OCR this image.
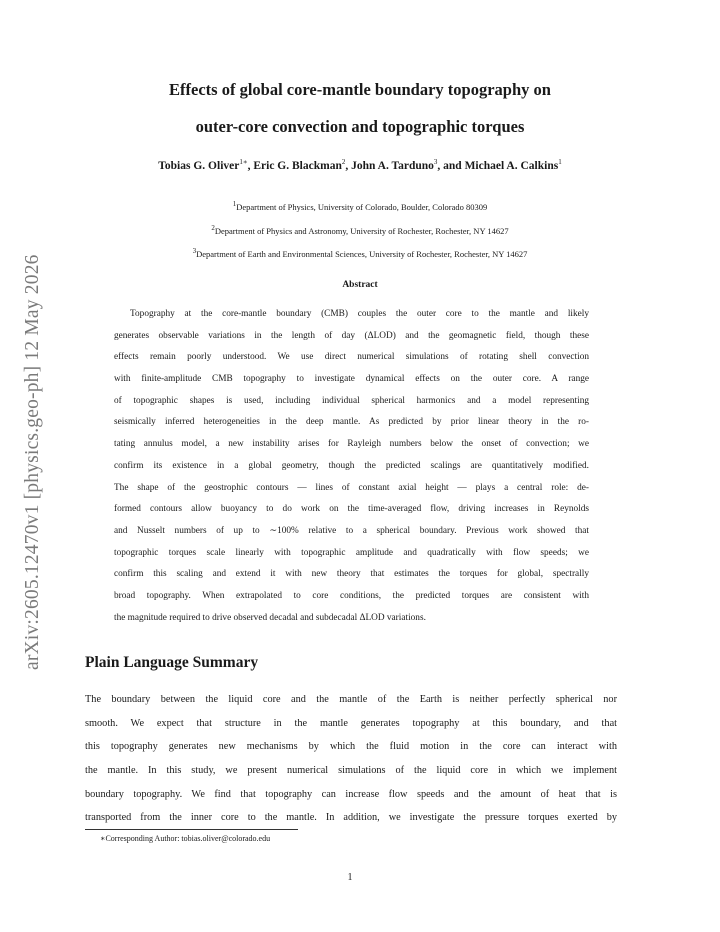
arXiv:2605.12470v1 [physics.geo-ph] 12 May 2026
Effects of global core-mantle boundary topography on
outer-core convection and topographic torques
Tobias G. Oliver$^{1∗}$, Eric G. Blackman$^2$, John A. Tarduno$^3$, and Michael A. Calkins$^1$
$^1$Department of Physics, University of Colorado, Boulder, Colorado 80309
$^2$Department of Physics and Astronomy, University of Rochester, Rochester, NY 14627
$^3$Department of Earth and Environmental Sciences, University of Rochester, Rochester, NY 14627
Abstract
Topography at the core-mantle boundary (CMB) couples the outer core to the mantle and likely
generates observable variations in the length of day (ΔLOD) and the geomagnetic field, though these
effects remain poorly understood. We use direct numerical simulations of rotating shell convection
with finite-amplitude CMB topography to investigate dynamical effects on the outer core. A range
of topographic shapes is used, including individual spherical harmonics and a model representing
seismically inferred heterogeneities in the deep mantle. As predicted by prior linear theory in the ro-
tating annulus model, a new instability arises for Rayleigh numbers below the onset of convection; we
confirm its existence in a global geometry, though the predicted scalings are quantitatively modified.
The shape of the geostrophic contours — lines of constant axial height — plays a central role: de-
formed contours allow buoyancy to do work on the time-averaged flow, driving increases in Reynolds
and Nusselt numbers of up to ∼100% relative to a spherical boundary. Previous work showed that
topographic torques scale linearly with topographic amplitude and quadratically with flow speeds; we
confirm this scaling and extend it with new theory that estimates the torques for global, spectrally
broad topography. When extrapolated to core conditions, the predicted torques are consistent with
the magnitude required to drive observed decadal and subdecadal ΔLOD variations.
Plain Language Summary
The boundary between the liquid core and the mantle of the Earth is neither perfectly spherical nor
smooth. We expect that structure in the mantle generates topography at this boundary, and that
this topography generates new mechanisms by which the fluid motion in the core can interact with
the mantle. In this study, we present numerical simulations of the liquid core in which we implement
boundary topography. We find that topography can increase flow speeds and the amount of heat that is
transported from the inner core to the mantle. In addition, we investigate the pressure torques exerted by
∗Corresponding Author: tobias.oliver@colorado.edu
1
